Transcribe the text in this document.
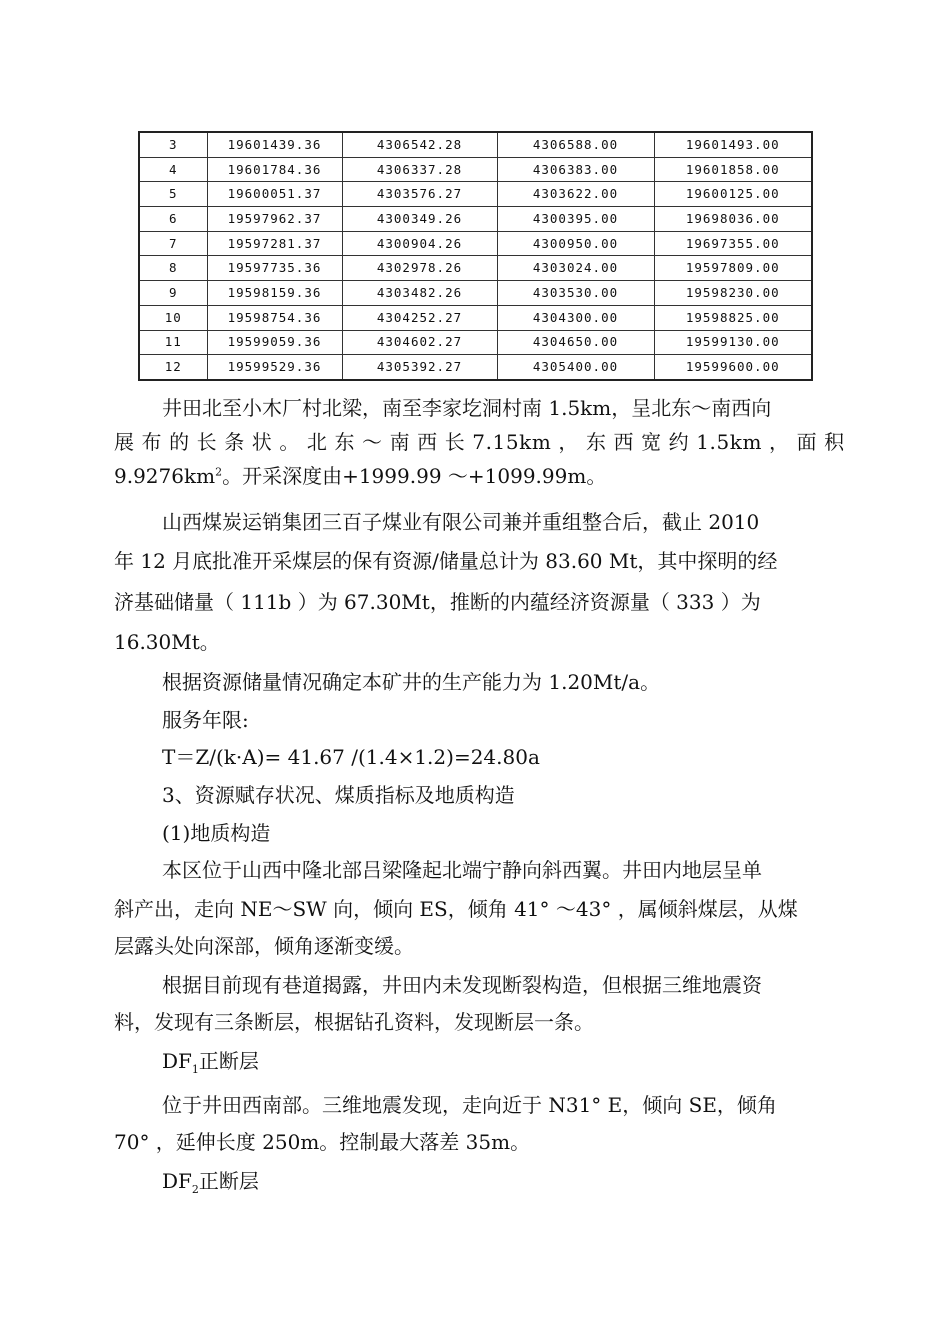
3	19601439.36	4306542.28	4306588.00	19601493.00
4	19601784.36	4306337.28	4306383.00	19601858.00
5	19600051.37	4303576.27	4303622.00	19600125.00
6	19597962.37	4300349.26	4300395.00	19698036.00
7	19597281.37	4300904.26	4300950.00	19697355.00
8	19597735.36	4302978.26	4303024.00	19597809.00
9	19598159.36	4303482.26	4303530.00	19598230.00
10	19598754.36	4304252.27	4304300.00	19598825.00
11	19599059.36	4304602.27	4304650.00	19599130.00
12	19599529.36	4305392.27	4305400.00	19599600.00

井田北至小木厂村北梁，南至李家圪洞村南 1.5km，呈北东～南西向

展 布 的 长 条 状 。 北 东 ～ 南 西 长 7.15km ， 东 西 宽 约 1.5km ， 面 积

$9.9276km^2$。开采深度由+1999.99 ～+1099.99m。

山西煤炭运销集团三百子煤业有限公司兼并重组整合后，截止 2010

年 12 月底批准开采煤层的保有资源/储量总计为 83.60 Mt，其中探明的经

济基础储量（ 111b ）为 67.30Mt，推断的内蕴经济资源量（ 333 ）为

16.30Mt。

根据资源储量情况确定本矿井的生产能力为 1.20Mt/a。

服务年限:

T＝Z/(k·A)= 41.67 /(1.4×1.2)=24.80a

3、资源赋存状况、煤质指标及地质构造

(1)地质构造

本区位于山西中隆北部吕梁隆起北端宁静向斜西翼。井田内地层呈单

斜产出，走向 NE～SW 向，倾向 ES，倾角 41° ～43° ，属倾斜煤层，从煤

层露头处向深部，倾角逐渐变缓。

根据目前现有巷道揭露，井田内未发现断裂构造，但根据三维地震资

料，发现有三条断层，根据钻孔资料，发现断层一条。

$DF_1$正断层

位于井田西南部。三维地震发现，走向近于 N31° E，倾向 SE，倾角

70° ，延伸长度 250m。控制最大落差 35m。

$DF_2$正断层
